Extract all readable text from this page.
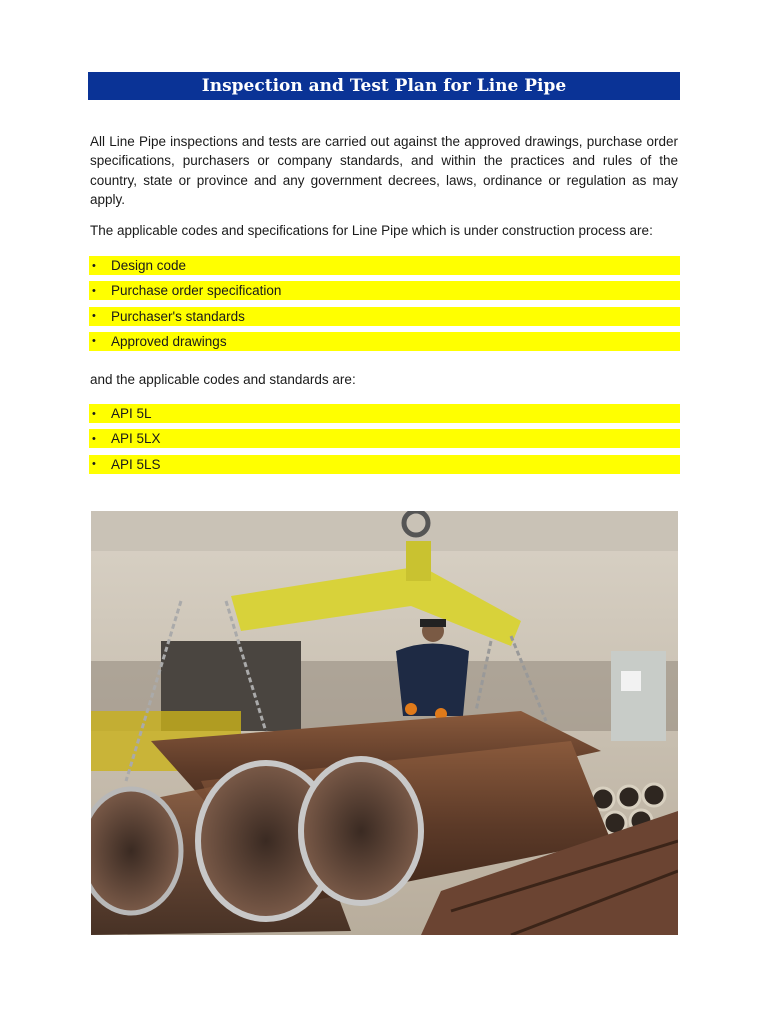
Inspection and Test Plan for Line Pipe

All Line Pipe inspections and tests are carried out against the approved drawings, purchase order specifications, purchasers or company standards, and within the practices and rules of the country, state or province and any government decrees, laws, ordinance or regulation as may apply.

The applicable codes and specifications for Line Pipe which is under construction process are:

•	Design code
•	Purchase order specification
•	Purchaser's standards
•	Approved drawings

and the applicable codes and standards are:

•	API 5L
•	API 5LX
•	API 5LS
